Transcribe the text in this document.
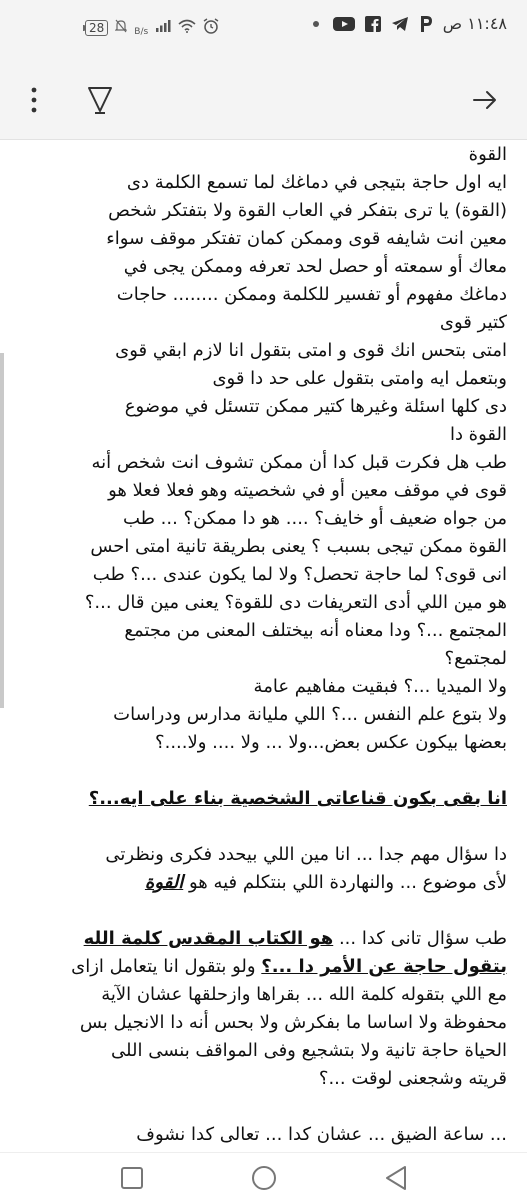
28	B/s	١١:٤٨ ص
القوة
ايه اول حاجة بتيجى في دماغك لما تسمع الكلمة دى
(القوة) يا ترى بتفكر في العاب القوة ولا بتفتكر شخص
معين انت شايفه قوى وممكن كمان تفتكر موقف سواء
معاك أو سمعته أو حصل لحد تعرفه وممكن يجى في
دماغك مفهوم أو تفسير للكلمة وممكن ........ حاجات
كتير قوى
امتى بتحس انك قوى و امتى بتقول انا لازم ابقي قوى
وبتعمل ايه وامتى بتقول على حد دا قوى
دى كلها اسئلة وغيرها كتير ممكن تتسئل في موضوع
القوة دا
طب هل فكرت قبل كدا أن ممكن تشوف انت شخص أنه
قوى في موقف معين أو في شخصيته وهو فعلا فعلا هو
من جواه ضعيف أو خايف؟ .... هو دا ممكن؟ ... طب
القوة ممكن تيجى بسبب ؟ يعنى بطريقة تانية امتى احس
انى قوى؟ لما حاجة تحصل؟ ولا لما يكون عندى ...؟ طب
هو مين اللي أدى التعريفات دى للقوة؟ يعنى مين قال ...؟
المجتمع ...؟ ودا معناه أنه بيختلف المعنى من مجتمع
لمجتمع؟
ولا الميديا ...؟ فبقيت مفاهيم عامة
ولا بتوع علم النفس ...؟ اللي مليانة مدارس ودراسات
بعضها بيكون عكس بعض...ولا ... ولا .... ولا....؟
انا بقى بكون قناعاتى الشخصية بناء على ايه...؟
دا سؤال مهم جدا ... انا مين اللي بيحدد فكرى ونظرتى
لأى موضوع ... والنهاردة اللي بنتكلم فيه هو القوة
طب سؤال تانى كدا ... هو الكتاب المقدس كلمة الله
بتقول حاجة عن الأمر دا ...؟ ولو بتقول انا يتعامل ازاى
مع اللي بتقوله كلمة الله ... بقراها وازحلقها عشان الآية
محفوظة ولا اساسا ما بفكرش ولا بحس أنه دا الانجيل بس
الحياة حاجة تانية ولا بتشجيع وفى المواقف بنسى اللى
قريته وشجعنى لوقت ...؟
... ساعة الضيق ... عشان كدا ... تعالى كدا نشوف
